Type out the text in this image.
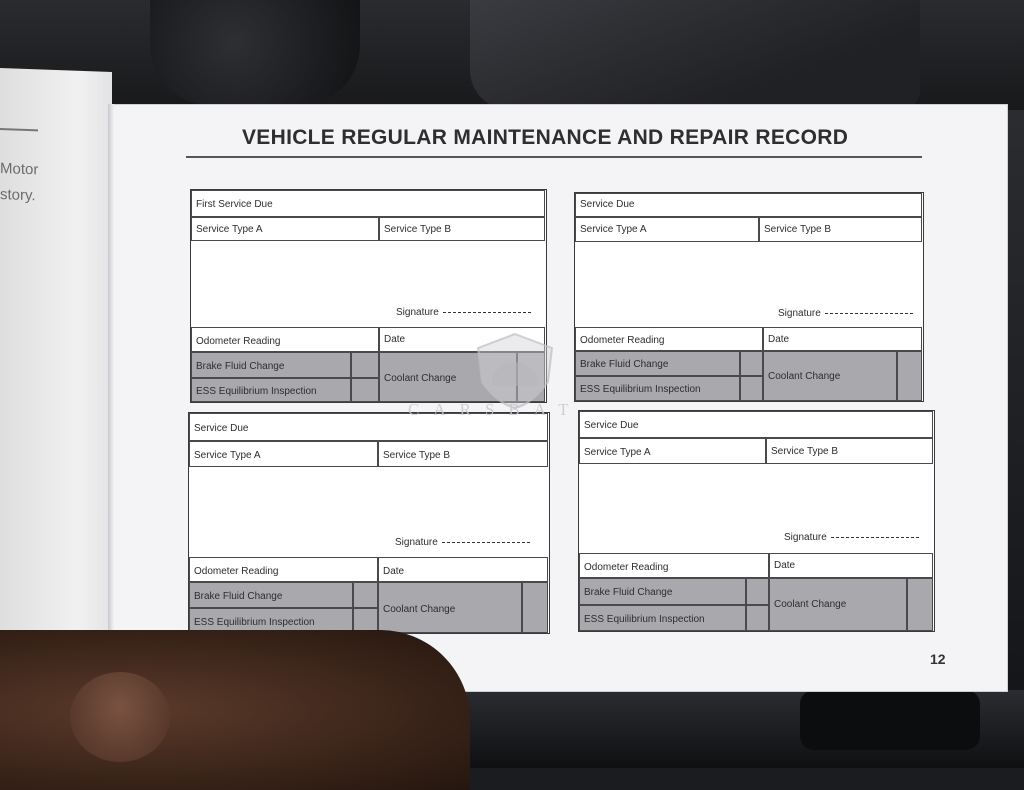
Motor
story.
VEHICLE REGULAR MAINTENANCE AND REPAIR RECORD
First Service Due
Service Type A	Service Type B
Signature
Odometer Reading	Date
Brake Fluid Change
ESS Equilibrium Inspection
Coolant Change
Service Due
Service Type A	Service Type B
Signature
Odometer Reading	Date
Brake Fluid Change
ESS Equilibrium Inspection
Coolant Change
Service Due
Service Type A	Service Type B
Signature
Odometer Reading	Date
Brake Fluid Change
ESS Equilibrium Inspection
Coolant Change
Service Due
Service Type A	Service Type B
Signature
Odometer Reading	Date
Brake Fluid Change
ESS Equilibrium Inspection
Coolant Change
12
CARSBAT
